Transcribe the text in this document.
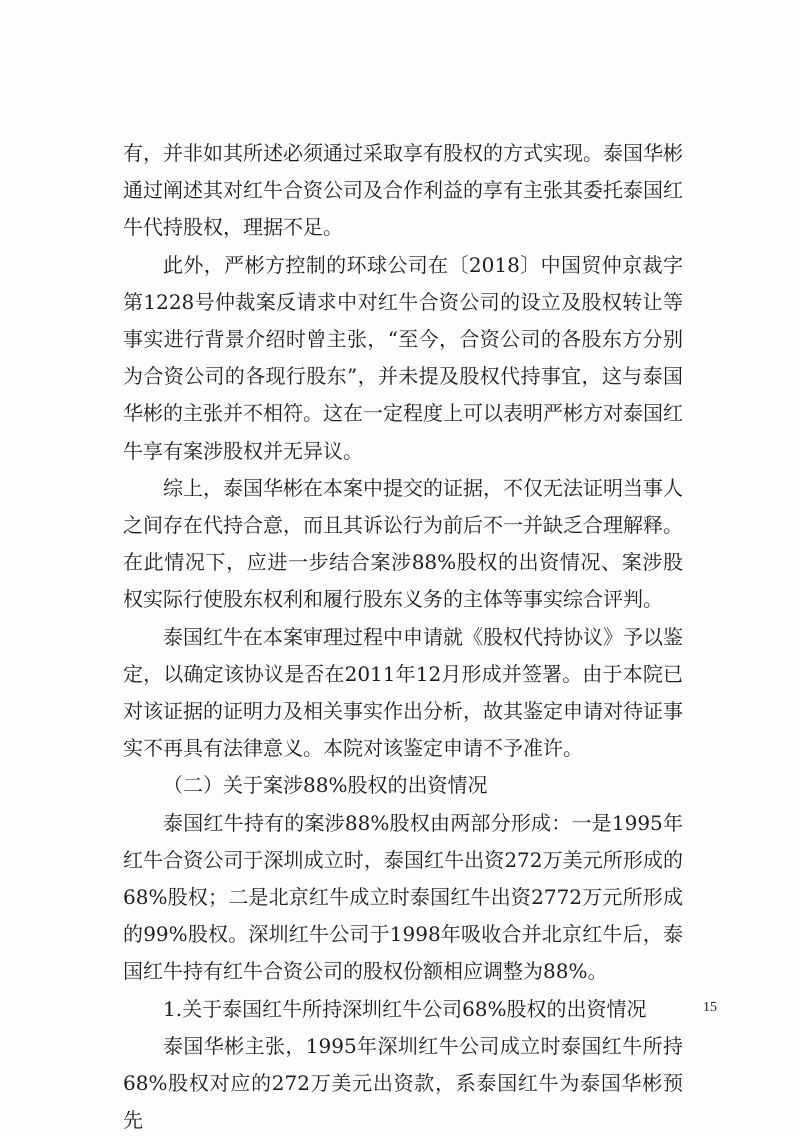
有，并非如其所述必须通过采取享有股权的方式实现。泰国华彬通过阐述其对红牛合资公司及合作利益的享有主张其委托泰国红牛代持股权，理据不足。

此外，严彬方控制的环球公司在〔2018〕中国贸仲京裁字第1228号仲裁案反请求中对红牛合资公司的设立及股权转让等事实进行背景介绍时曾主张，“至今，合资公司的各股东方分别为合资公司的各现行股东”，并未提及股权代持事宜，这与泰国华彬的主张并不相符。这在一定程度上可以表明严彬方对泰国红牛享有案涉股权并无异议。

综上，泰国华彬在本案中提交的证据，不仅无法证明当事人之间存在代持合意，而且其诉讼行为前后不一并缺乏合理解释。在此情况下，应进一步结合案涉88%股权的出资情况、案涉股权实际行使股东权利和履行股东义务的主体等事实综合评判。

泰国红牛在本案审理过程中申请就《股权代持协议》予以鉴定，以确定该协议是否在2011年12月形成并签署。由于本院已对该证据的证明力及相关事实作出分析，故其鉴定申请对待证事实不再具有法律意义。本院对该鉴定申请不予准许。

（二）关于案涉88%股权的出资情况

泰国红牛持有的案涉88%股权由两部分形成：一是1995年红牛合资公司于深圳成立时，泰国红牛出资272万美元所形成的68%股权；二是北京红牛成立时泰国红牛出资2772万元所形成的99%股权。深圳红牛公司于1998年吸收合并北京红牛后，泰国红牛持有红牛合资公司的股权份额相应调整为88%。

1.关于泰国红牛所持深圳红牛公司68%股权的出资情况

泰国华彬主张，1995年深圳红牛公司成立时泰国红牛所持68%股权对应的272万美元出资款，系泰国红牛为泰国华彬预先

15
